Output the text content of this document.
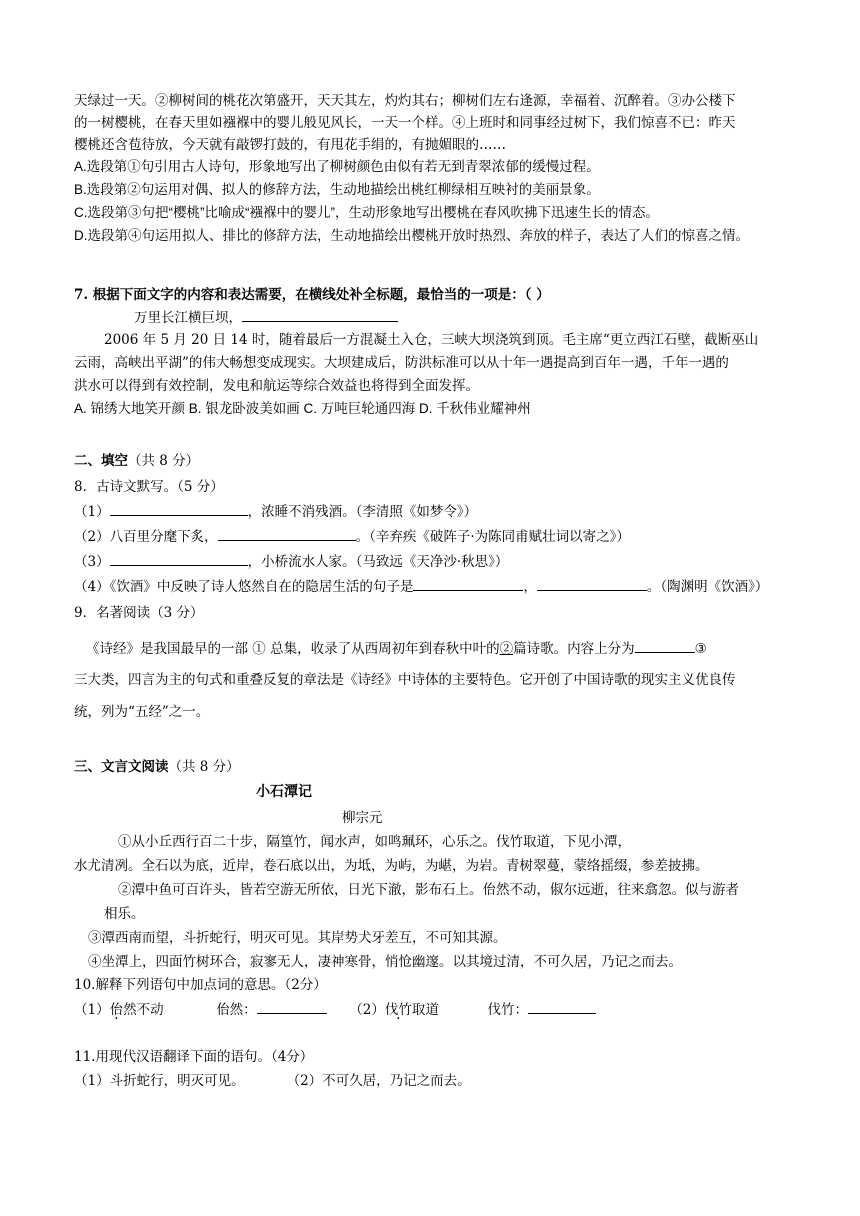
天绿过一天。②柳树间的桃花次第盛开，天天其左，灼灼其右；柳树们左右逢源，幸福着、沉醉着。③办公楼下
的一树樱桃，在春天里如襁褓中的婴儿般见风长，一天一个样。④上班时和同事经过树下，我们惊喜不已：昨天
樱桃还含苞待放，今天就有敲锣打鼓的，有甩花手绢的，有抛媚眼的……
A.选段第①句引用古人诗句，形象地写出了柳树颜色由似有若无到青翠浓郁的缓慢过程。
B.选段第②句运用对偶、拟人的修辞方法，生动地描绘出桃红柳绿相互映衬的美丽景象。
C.选段第③句把“樱桃”比喻成“襁褓中的婴儿”，生动形象地写出樱桃在春风吹拂下迅速生长的情态。
D.选段第④句运用拟人、排比的修辞方法，生动地描绘出樱桃开放时热烈、奔放的样子，表达了人们的惊喜之情。
7. 根据下面文字的内容和表达需要，在横线处补全标题，最恰当的一项是：（ ）
万里长江横巨坝，
2006 年 5 月 20 日 14 时，随着最后一方混凝土入仓，三峡大坝浇筑到顶。毛主席“更立西江石壁，截断巫山
云雨，高峡出平湖”的伟大畅想变成现实。大坝建成后，防洪标准可以从十年一遇提高到百年一遇，千年一遇的
洪水可以得到有效控制，发电和航运等综合效益也将得到全面发挥。
A. 锦绣大地笑开颜 B. 银龙卧波美如画 C. 万吨巨轮通四海 D. 千秋伟业耀神州
二、填空（共 8 分）
8．古诗文默写。（5 分）
（1）	，浓睡不消残酒。（李清照《如梦令》）
（2）八百里分麾下炙，	。（辛弃疾《破阵子·为陈同甫赋壮词以寄之》）
（3）	，小桥流水人家。（马致远《天净沙·秋思》）
（4）《饮酒》中反映了诗人悠然自在的隐居生活的句子是	，	。（陶渊明《饮酒》）
9．名著阅读（3 分）
《诗经》是我国最早的一部 ① 总集，收录了从西周初年到春秋中叶的②篇诗歌。内容上分为	③
三大类，四言为主的句式和重叠反复的章法是《诗经》中诗体的主要特色。它开创了中国诗歌的现实主义优良传
统，列为“五经”之一。
三、文言文阅读（共 8 分）
小石潭记
柳宗元
①从小丘西行百二十步，隔篁竹，闻水声，如鸣珮环，心乐之。伐竹取道，下见小潭，
水尤清冽。全石以为底，近岸，卷石底以出，为坻，为屿，为嵁，为岩。青树翠蔓，蒙络摇缀，参差披拂。
②潭中鱼可百许头，皆若空游无所依，日光下澈，影布石上。佁然不动，俶尔远逝，往来翕忽。似与游者
相乐。
③潭西南而望，斗折蛇行，明灭可见。其岸势犬牙差互，不可知其源。
④坐潭上，四面竹树环合，寂寥无人，凄神寒骨，悄怆幽邃。以其境过清，不可久居，乃记之而去。
10.解释下列语句中加点词的意思。（2分）
（1）佁然不动	佁然：	（2）伐竹取道	伐竹：
11.用现代汉语翻译下面的语句。（4分）
（1）斗折蛇行，明灭可见。	（2）不可久居，乃记之而去。
